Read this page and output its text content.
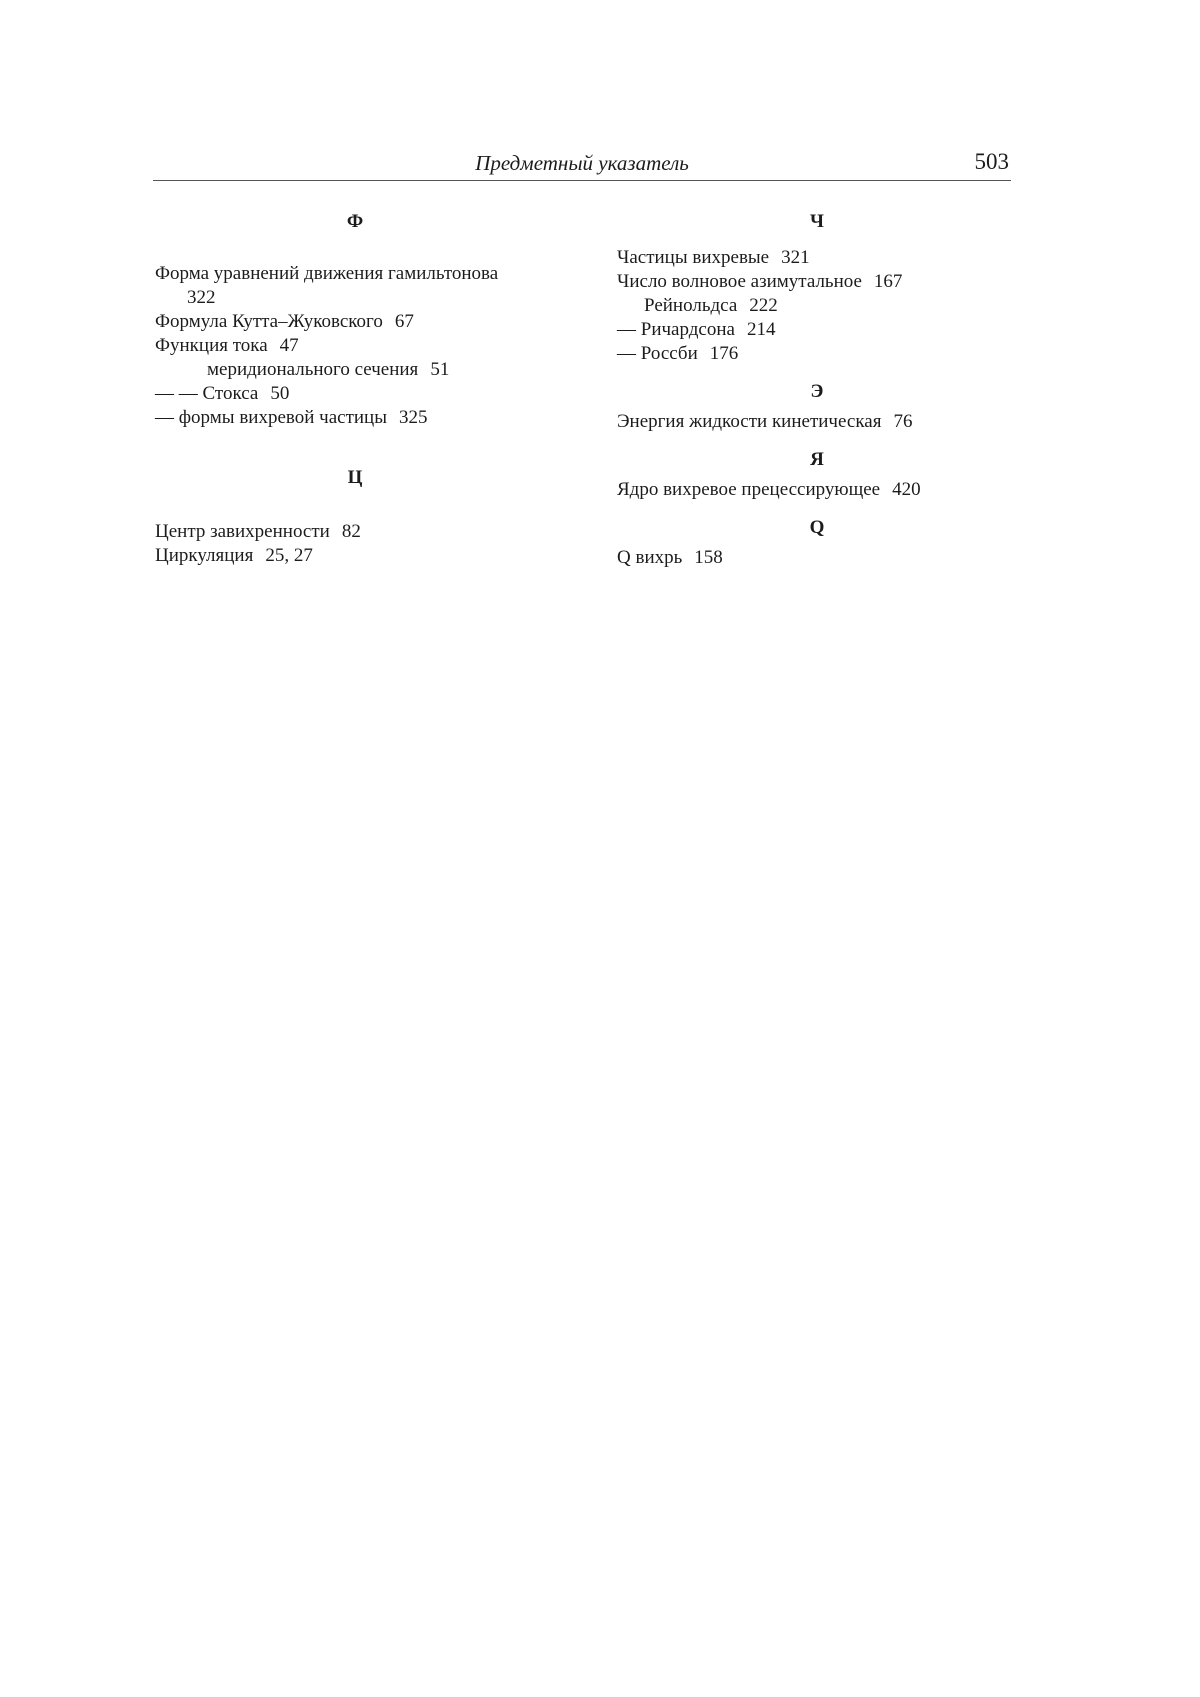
Предметный указатель	503
Ф
Форма уравнений движения гамильтонова
322
Формула Кутта–Жуковского 67
Функция тока 47
меридионального сечения 51
— — Стокса 50
— формы вихревой частицы 325
Ц
Центр завихренности 82
Циркуляция 25, 27
Ч
Частицы вихревые 321
Число волновое азимутальное 167
Рейнольдса 222
— Ричардсона 214
— Россби 176
Э
Энергия жидкости кинетическая 76
Я
Ядро вихревое прецессирующее 420
Q
Q вихрь 158
